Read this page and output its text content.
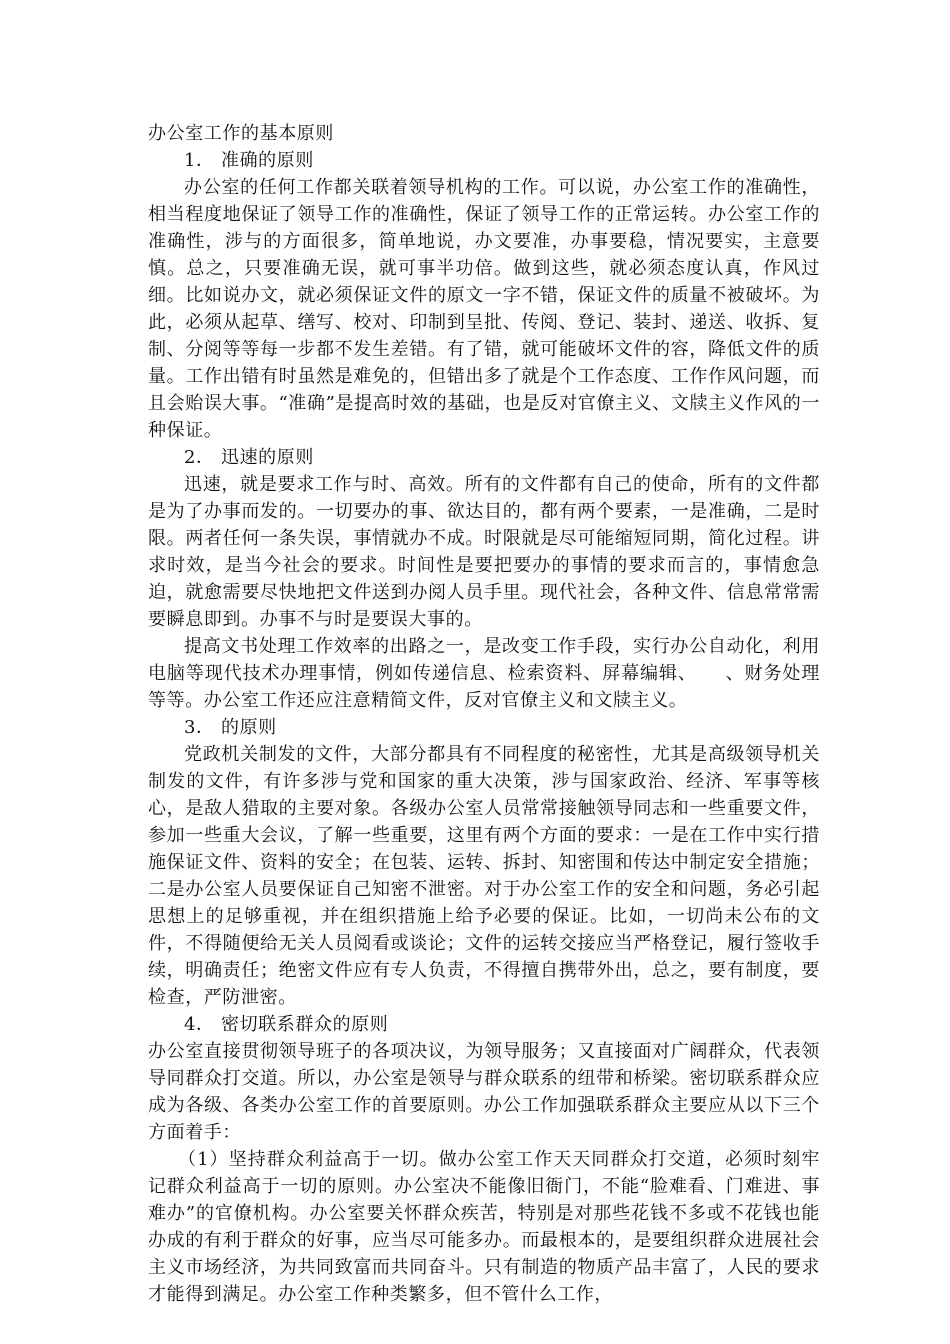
办公室工作的基本原则

1． 准确的原则

办公室的任何工作都关联着领导机构的工作。可以说，办公室工作的准确性，相当程度地保证了领导工作的准确性，保证了领导工作的正常运转。办公室工作的准确性，涉与的方面很多，简单地说，办文要准，办事要稳，情况要实，主意要慎。总之，只要准确无误，就可事半功倍。做到这些，就必须态度认真，作风过细。比如说办文，就必须保证文件的原文一字不错，保证文件的质量不被破坏。为此，必须从起草、缮写、校对、印制到呈批、传阅、登记、装封、递送、收拆、复制、分阅等等每一步都不发生差错。有了错，就可能破坏文件的容，降低文件的质量。工作出错有时虽然是难免的，但错出多了就是个工作态度、工作作风问题，而且会贻误大事。“准确”是提高时效的基础，也是反对官僚主义、文牍主义作风的一种保证。

2． 迅速的原则

迅速，就是要求工作与时、高效。所有的文件都有自己的使命，所有的文件都是为了办事而发的。一切要办的事、欲达目的，都有两个要素，一是准确，二是时限。两者任何一条失误，事情就办不成。时限就是尽可能缩短同期，简化过程。讲求时效，是当今社会的要求。时间性是要把要办的事情的要求而言的，事情愈急迫，就愈需要尽快地把文件送到办阅人员手里。现代社会，各种文件、信息常常需要瞬息即到。办事不与时是要误大事的。

提高文书处理工作效率的出路之一，是改变工作手段，实行办公自动化，利用电脑等现代技术办理事情，例如传递信息、检索资料、屏幕编辑、　　、财务处理等等。办公室工作还应注意精简文件，反对官僚主义和文牍主义。

3． 的原则

党政机关制发的文件，大部分都具有不同程度的秘密性，尤其是高级领导机关制发的文件，有许多涉与党和国家的重大决策，涉与国家政治、经济、军事等核心，是敌人猎取的主要对象。各级办公室人员常常接触领导同志和一些重要文件，参加一些重大会议，了解一些重要，这里有两个方面的要求：一是在工作中实行措施保证文件、资料的安全；在包装、运转、拆封、知密围和传达中制定安全措施；二是办公室人员要保证自己知密不泄密。对于办公室工作的安全和问题，务必引起思想上的足够重视，并在组织措施上给予必要的保证。比如，一切尚未公布的文件，不得随便给无关人员阅看或谈论；文件的运转交接应当严格登记，履行签收手续，明确责任；绝密文件应有专人负责，不得擅自携带外出，总之，要有制度，要检查，严防泄密。

4． 密切联系群众的原则

办公室直接贯彻领导班子的各项决议，为领导服务；又直接面对广阔群众，代表领导同群众打交道。所以，办公室是领导与群众联系的纽带和桥梁。密切联系群众应成为各级、各类办公室工作的首要原则。办公工作加强联系群众主要应从以下三个方面着手：

（1）坚持群众利益高于一切。做办公室工作天天同群众打交道，必须时刻牢记群众利益高于一切的原则。办公室决不能像旧衙门，不能“脸难看、门难进、事难办”的官僚机构。办公室要关怀群众疾苦，特别是对那些花钱不多或不花钱也能办成的有利于群众的好事，应当尽可能多办。而最根本的，是要组织群众进展社会主义市场经济，为共同致富而共同奋斗。只有制造的物质产品丰富了，人民的要求才能得到满足。办公室工作种类繁多，但不管什么工作，
